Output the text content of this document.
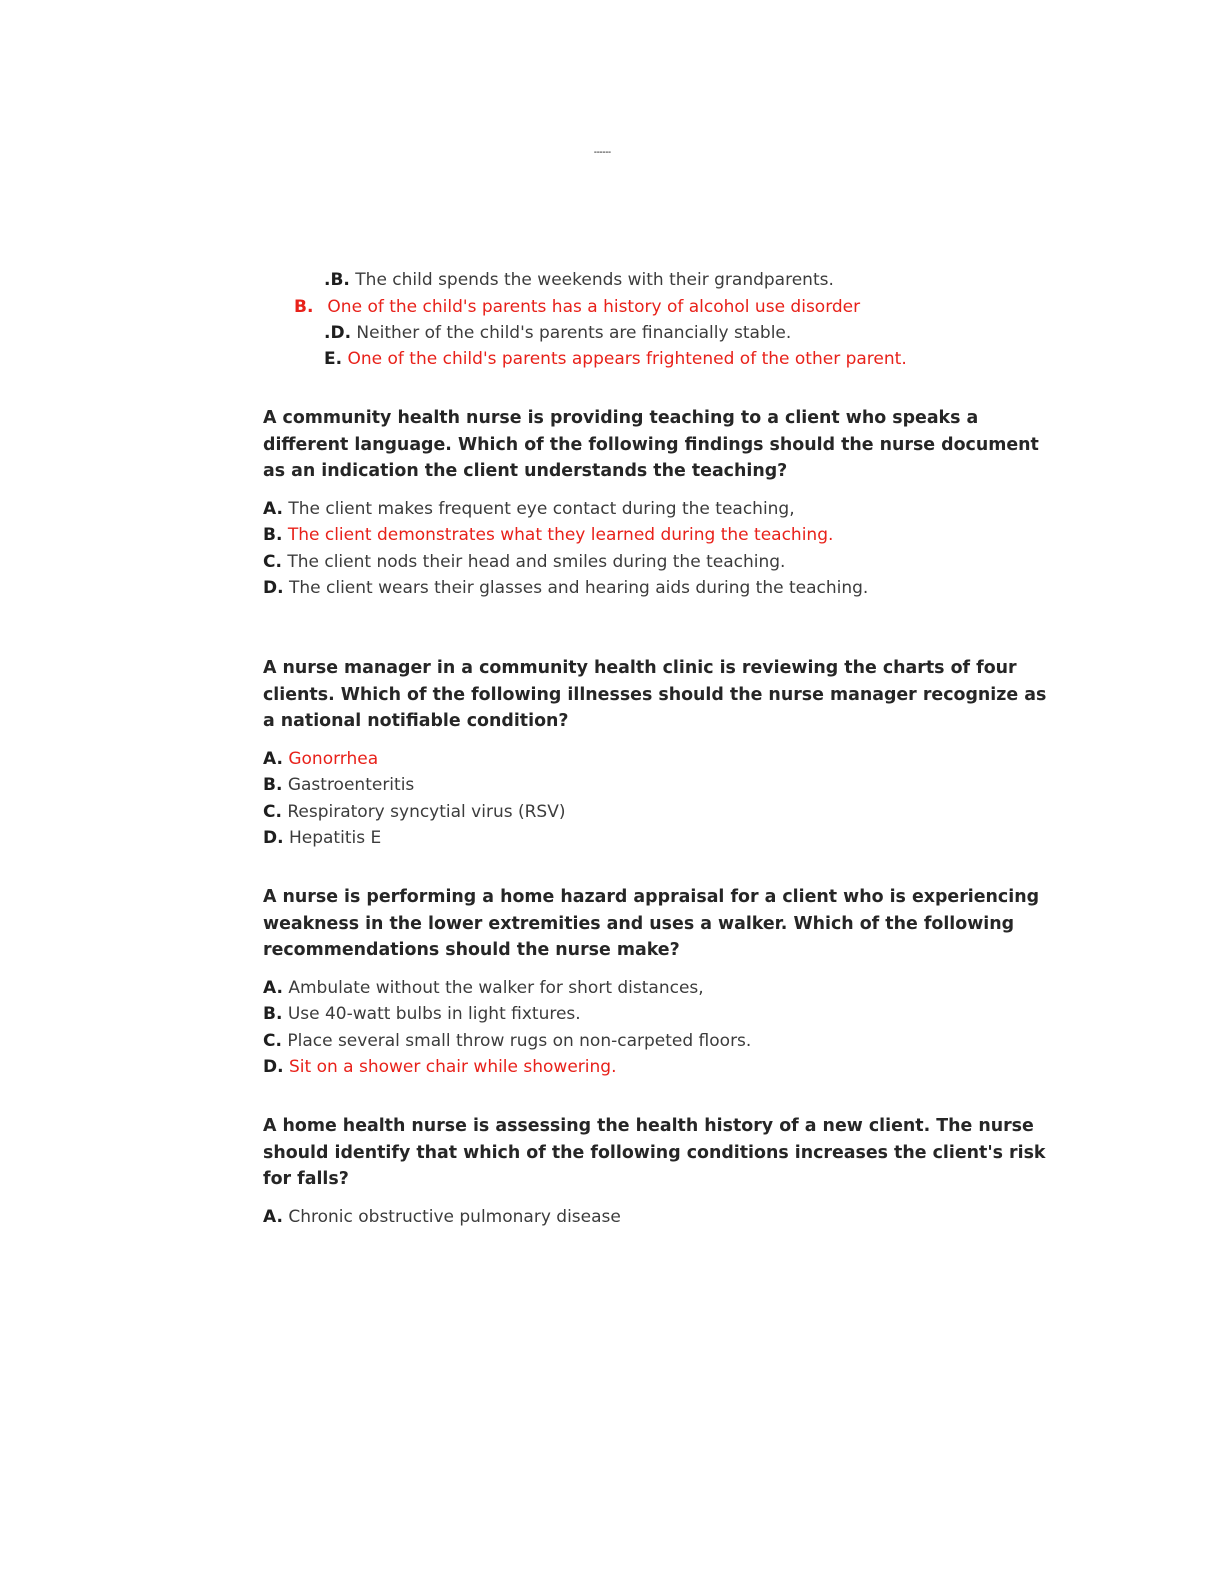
▬▬▬▬▬▬
.B. The child spends the weekends with their grandparents.
B. One of the child's parents has a history of alcohol use disorder
.D. Neither of the child's parents are financially stable.
E. One of the child's parents appears frightened of the other parent.
A community health nurse is providing teaching to a client who speaks a different language. Which of the following findings should the nurse document as an indication the client understands the teaching?
A. The client makes frequent eye contact during the teaching,
B. The client demonstrates what they learned during the teaching.
C. The client nods their head and smiles during the teaching.
D. The client wears their glasses and hearing aids during the teaching.
A nurse manager in a community health clinic is reviewing the charts of four clients. Which of the following illnesses should the nurse manager recognize as a national notifiable condition?
A. Gonorrhea
B. Gastroenteritis
C. Respiratory syncytial virus (RSV)
D. Hepatitis E
A nurse is performing a home hazard appraisal for a client who is experiencing weakness in the lower extremities and uses a walker. Which of the following recommendations should the nurse make?
A. Ambulate without the walker for short distances,
B. Use 40-watt bulbs in light fixtures.
C. Place several small throw rugs on non-carpeted floors.
D. Sit on a shower chair while showering.
A home health nurse is assessing the health history of a new client. The nurse should identify that which of the following conditions increases the client's risk for falls?
A. Chronic obstructive pulmonary disease
